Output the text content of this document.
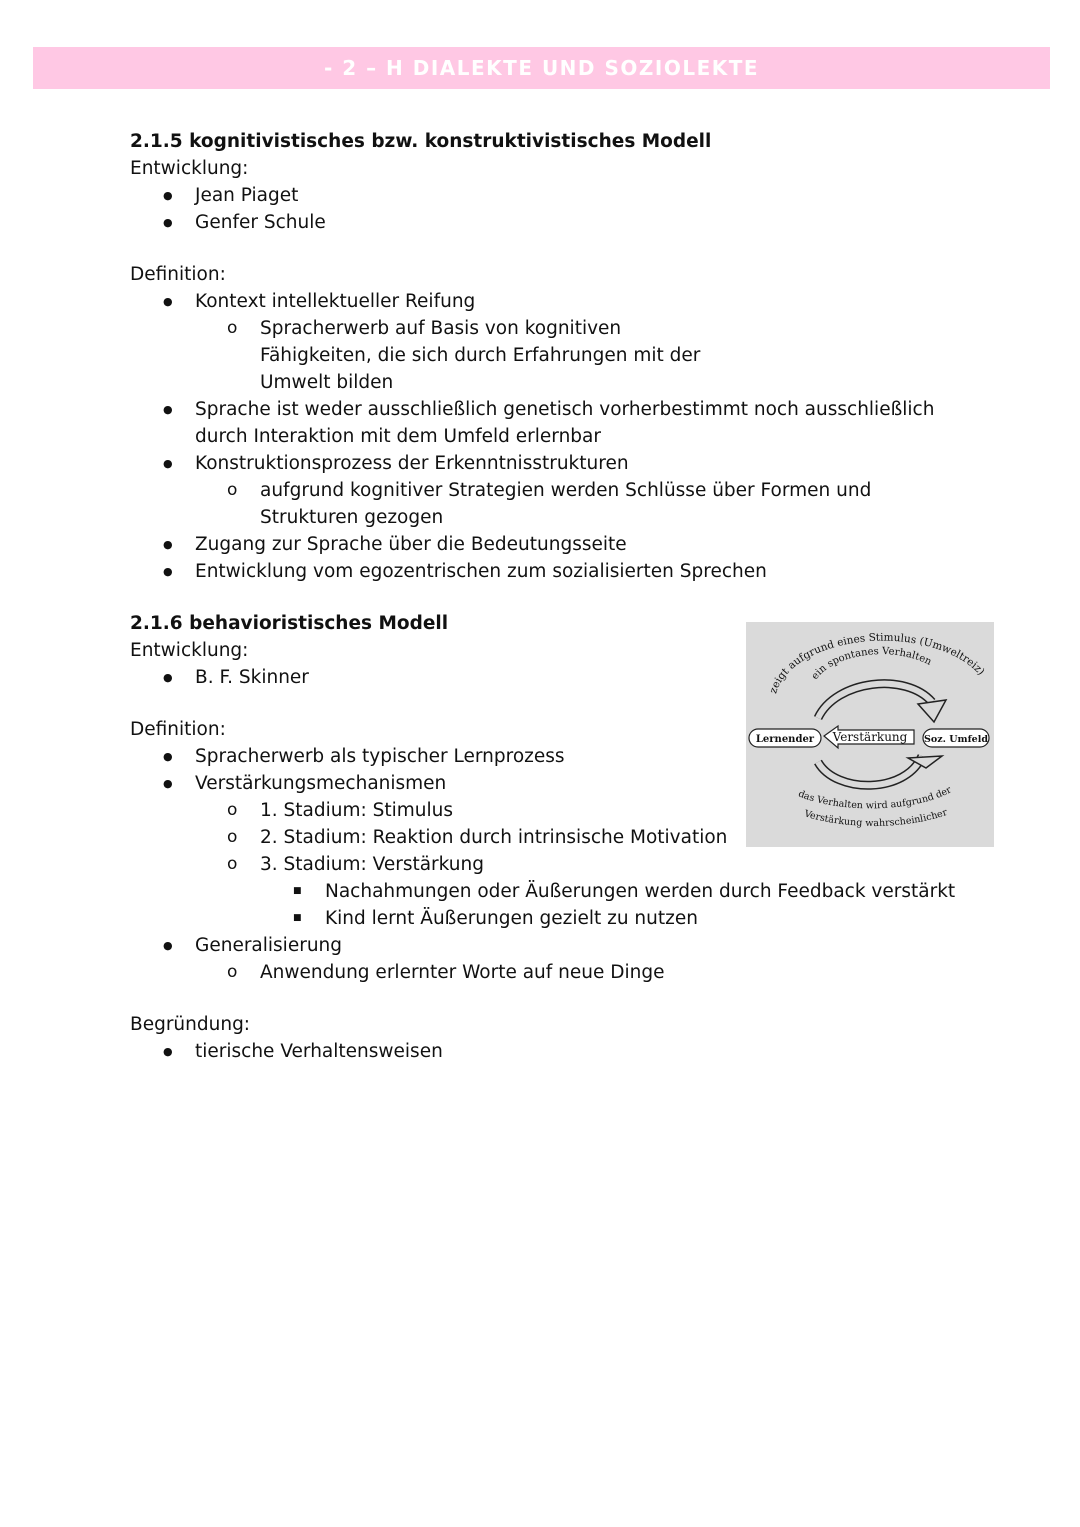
- 2 – H DIALEKTE UND SOZIOLEKTE
2.1.5 kognitivistisches bzw. konstruktivistisches Modell
Entwicklung:
● Jean Piaget
● Genfer Schule
Definition:
● Kontext intellektueller Reifung
o Spracherwerb auf Basis von kognitiven Fähigkeiten, die sich durch Erfahrungen mit der Umwelt bilden
● Sprache ist weder ausschließlich genetisch vorherbestimmt noch ausschließlich durch Interaktion mit dem Umfeld erlernbar
● Konstruktionsprozess der Erkenntnisstrukturen
o aufgrund kognitiver Strategien werden Schlüsse über Formen und Strukturen gezogen
● Zugang zur Sprache über die Bedeutungsseite
● Entwicklung vom egozentrischen zum sozialisierten Sprechen
2.1.6 behavioristisches Modell
Entwicklung:
● B. F. Skinner
Definition:
● Spracherwerb als typischer Lernprozess
● Verstärkungsmechanismen
o 1. Stadium: Stimulus
o 2. Stadium: Reaktion durch intrinsische Motivation
o 3. Stadium: Verstärkung
■ Nachahmungen oder Äußerungen werden durch Feedback verstärkt
■ Kind lernt Äußerungen gezielt zu nutzen
● Generalisierung
o Anwendung erlernter Worte auf neue Dinge
Begründung:
● tierische Verhaltensweisen
zeigt aufgrund eines Stimulus (Umweltreiz)
ein spontanes Verhalten
Lernender Verstärkung Soz. Umfeld
das Verhalten wird aufgrund der
Verstärkung wahrscheinlicher
